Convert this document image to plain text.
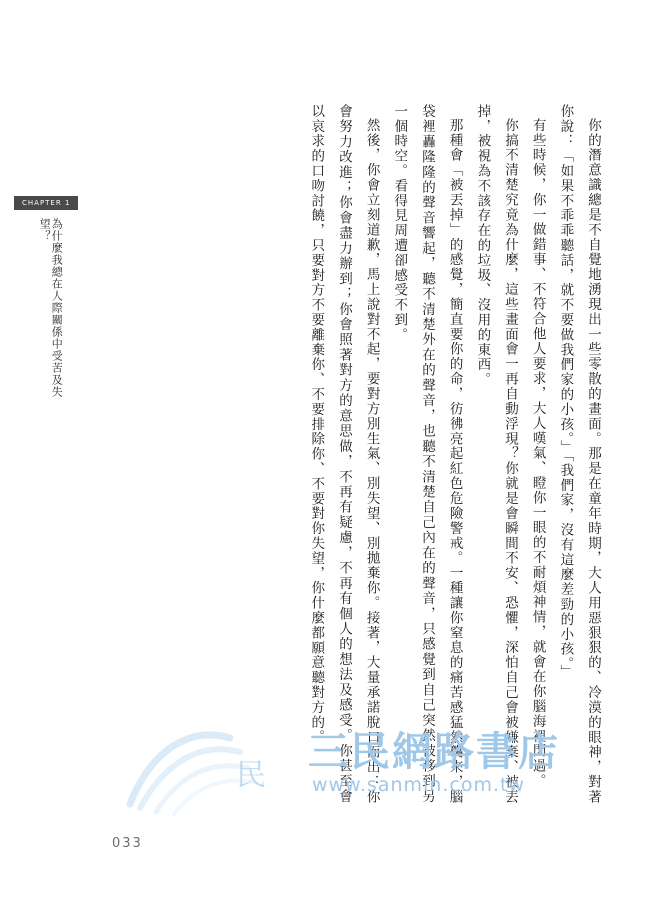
CHAPTER 1
為什麼我總在人際關係中受苦及失望？	你的潛意識總是不自覺地湧現出一些零散的畫面。那是在童年時期，大人用惡狠狠的、冷漠的眼神，對著你說：「如果不乖乖聽話，就不要做我們家的小孩。」「我們家，沒有這麼差勁的小孩。」

有些時候，你一做錯事、不符合他人要求，大人嘆氣、瞪你一眼的不耐煩神情，就會在你腦海裡閃過。

你搞不清楚究竟為什麼，這些畫面會一再自動浮現？你就是會瞬間不安、恐懼，深怕自己會被嫌棄、被丟掉，被視為不該存在的垃圾、沒用的東西。

那種會「被丟掉」的感覺，簡直要你的命，彷彿亮起紅色危險警戒。一種讓你窒息的痛苦感猛然襲來，腦袋裡轟隆隆的聲音響起，聽不清楚外在的聲音，也聽不清楚自己內在的聲音，只感覺到自己突然被移到另一個時空。看得見周遭卻感受不到。

然後，你會立刻道歉，馬上說對不起，要對方別生氣、別失望、別拋棄你。接著，大量承諾脫口而出：你會努力改進；你會盡力辦到；你會照著對方的意思做，不再有疑慮，不再有個人的想法及感受。你甚至會以哀求的口吻討饒，只要對方不要離棄你、不要排除你、不要對你失望，你什麼都願意聽對方的。

民
三民網路書店
www.sanmin.com.tw
033
